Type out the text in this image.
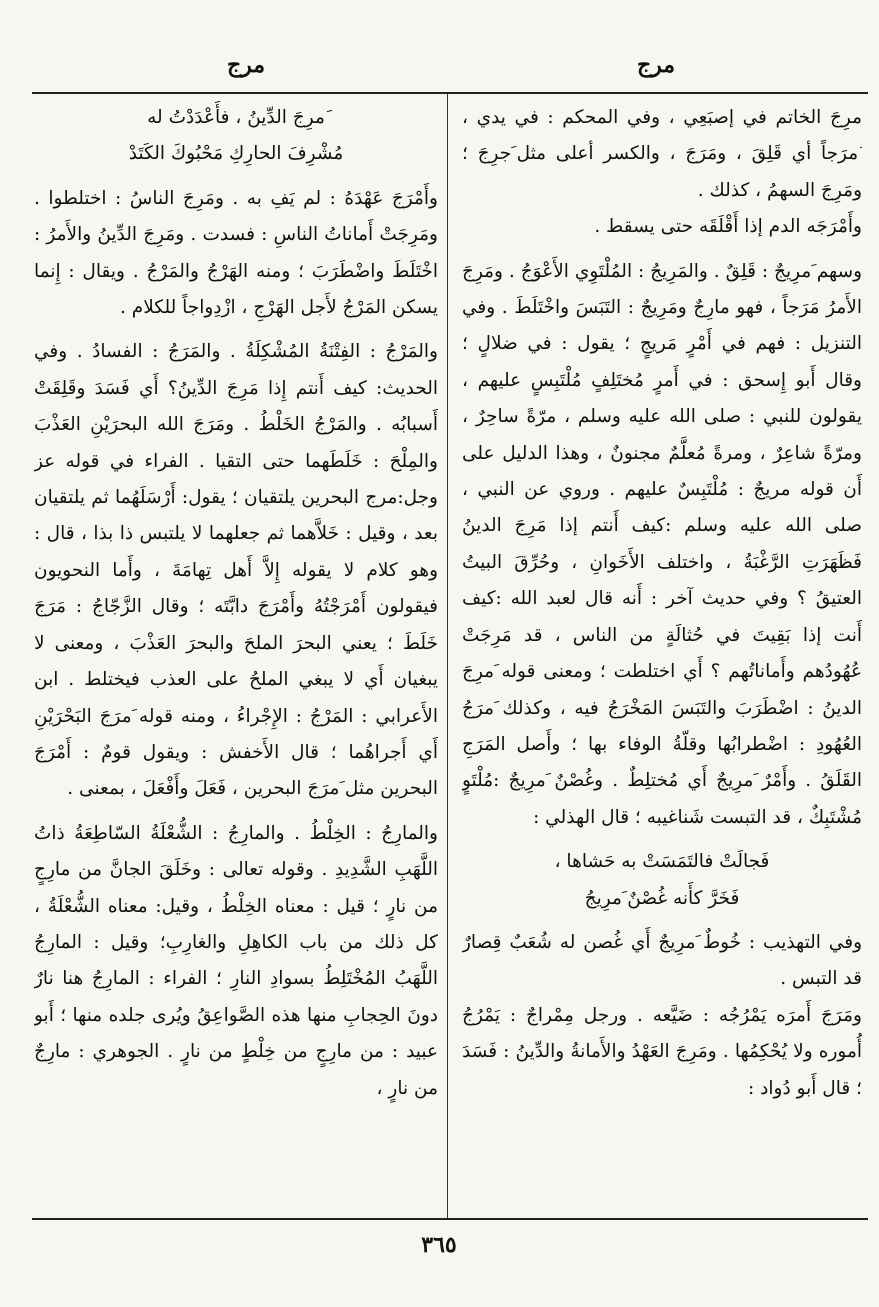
مرج
مرج

َمرِجَ الخاتم في إصبَعِي ، وفي المحكم : في يدي ، َمرَجاً أي قَلِقَ ، ومَرَجَ ، والكسر أعلى مثل َجرِجَ ؛ ومَرِجَ السهمُ ، كذلك .

وأَمْرَجَه الدم إذا أَقْلَقَه حتى يسقط .

وسهم َمرِيجٌ : قَلِقٌ . والمَرِيجُ : المُلْتَوِي الأَعْوَجُ . ومَرِجَ الأَمرُ مَرَجاً ، فهو مارِجٌ ومَرِيجٌ : التَبَسَ واخْتَلَطَ . وفي التنزيل : فهم في أَمْرٍ مَريجٍ ؛ يقول : في ضلالٍ ؛ وقال أَبو إِسحق : في أَمرٍ مُختَلِفٍ مُلْتَبِسٍ عليهم ، يقولون للنبي : صلى الله عليه وسلم ، مرّةً ساحِرٌ ، ومرّةً شاعِرٌ ، ومرةً مُعلَّمٌ مجنونٌ ، وهذا الدليل على أَن قوله مريجٌ : مُلْتَبِسٌ عليهم . وروي عن النبي ، صلى الله عليه وسلم :كيف أَنتم إذا مَرِجَ الدينُ فَظَهَرَتِ الرَّغْبَةُ ، واختلف الأَخَوانِ ، وحُرِّقَ البيتُ العتيقُ ؟ وفي حديث آخر : أَنه قال لعبد الله :كيف أَنت إذا بَقِيتَ في حُثالَةٍ من الناس ، قد مَرِجَتْ عُهُودُهم وأَماناتُهم ؟ أَي اختلطت ؛ ومعنى قوله َمرِجَ الدينُ : اضْطَرَبَ والتَبَسَ المَخْرَجُ فيه ، وكذلك َمرَجُ العُهُودِ : اضْطرابُها وقلّةُ الوفاء بها ؛ وأَصل المَرَجِ القَلَقُ . وأَمْرٌ َمرِيجٌ أَي مُختلِطٌ . وغُصْنٌ َمرِيجٌ :مُلْتَوٍ مُشْتَبِكٌ ، قد التبست شَناغيبه ؛ قال الهذلي :

فَجالَتْ فالتَمَسَتْ به حَشاها ،

فَخَرَّ كأَنه غُصْنٌ َمرِيجُ

وفي التهذيب : خُوطٌ َمرِيجٌ أَي غُصن له شُعَبٌ قِصارٌ قد التبس .

ومَرَجَ أَمرَه يَمْرُجُه : ضَيَّعه . ورجل مِمْراجٌ : يَمْرُجُ أُموره ولا يُحْكِمُها . ومَرِجَ العَهْدُ والأَمانةُ والدِّينُ : فَسَدَ ؛ قال أَبو دُواد :

َمرِجَ الدِّينُ ، فأَعْدَدْتُ له

مُشْرِفَ الحارِكِ مَحْبُوكَ الكَتَدْ

وأَمْرَجَ عَهْدَهُ : لم يَفِ به . ومَرِجَ الناسُ : اختلطوا . ومَرِجَتْ أَماناتُ الناسِ : فسدت . ومَرِجَ الدِّينُ والأَمرُ : اخْتَلَطَ واضْطَرَبَ ؛ ومنه الهَرْجُ والمَرْجُ . ويقال : إِنما يسكن المَرْجُ لأَجل الهَرْجِ ، ازْدِواجاً للكلام .

والمَرْجُ : الفِتْنَةُ المُشْكِلَةُ . والمَرَجُ : الفسادُ . وفي الحديث: كيف أَنتم إِذا مَرِجَ الدِّينُ؟ أَي فَسَدَ وقَلِقَتْ أَسبابُه . والمَرْجُ الخَلْطُ . ومَرَجَ الله البحرَيْنِ العَذْبَ والمِلْحَ : خَلَطَهما حتى التقيا . الفراء في قوله عز وجل:مرج البحرين يلتقيان ؛ يقول: أَرْسَلَهُما ثم يلتقيان بعد ، وقيل : خَلاَّهما ثم جعلهما لا يلتبس ذا بذا ، قال : وهو كلام لا يقوله إِلاَّ أَهل تِهامَةَ ، وأَما النحويون فيقولون أَمْرَجْتُهُ وأَمْرَجَ دابَّتَه ؛ وقال الزَّجّاجُ : مَرَجَ خَلَطَ ؛ يعني البحرَ الملحَ والبحرَ العَذْبَ ، ومعنى لا يبغيان أَي لا يبغي الملحُ على العذب فيختلط . ابن الأَعرابي : المَرْجُ : الإِجْراءُ ، ومنه قوله َمرَجَ البَحْرَيْنِ أَي أَجراهُما ؛ قال الأَخفش : ويقول قومٌ : أَمْرَجَ البحرين مثل َمرَجَ البحرين ، فَعَلَ وأَفْعَلَ ، بمعنى .

والمارِجُ : الخِلْطُ . والمارِجُ : الشُّعْلَةُ السّاطِعَةُ ذاتُ اللَّهَبِ الشَّدِيدِ . وقوله تعالى : وخَلَقَ الجانَّ من مارِجٍ من نارٍ ؛ قيل : معناه الخِلْطُ ، وقيل: معناه الشُّعْلَةُ ، كل ذلك من باب الكاهِلِ والغارِبِ؛ وقيل : المارِجُ اللَّهَبُ المُخْتَلِطُ بسوادِ النارِ ؛ الفراء : المارِجُ هنا نارٌ دونَ الحِجابِ منها هذه الصَّواعِقُ ويُرى جلده منها ؛ أَبو عبيد : من مارِجٍ من خِلْطٍ من نارٍ . الجوهري : مارِجٌ من نارٍ ،

٣٦٥
